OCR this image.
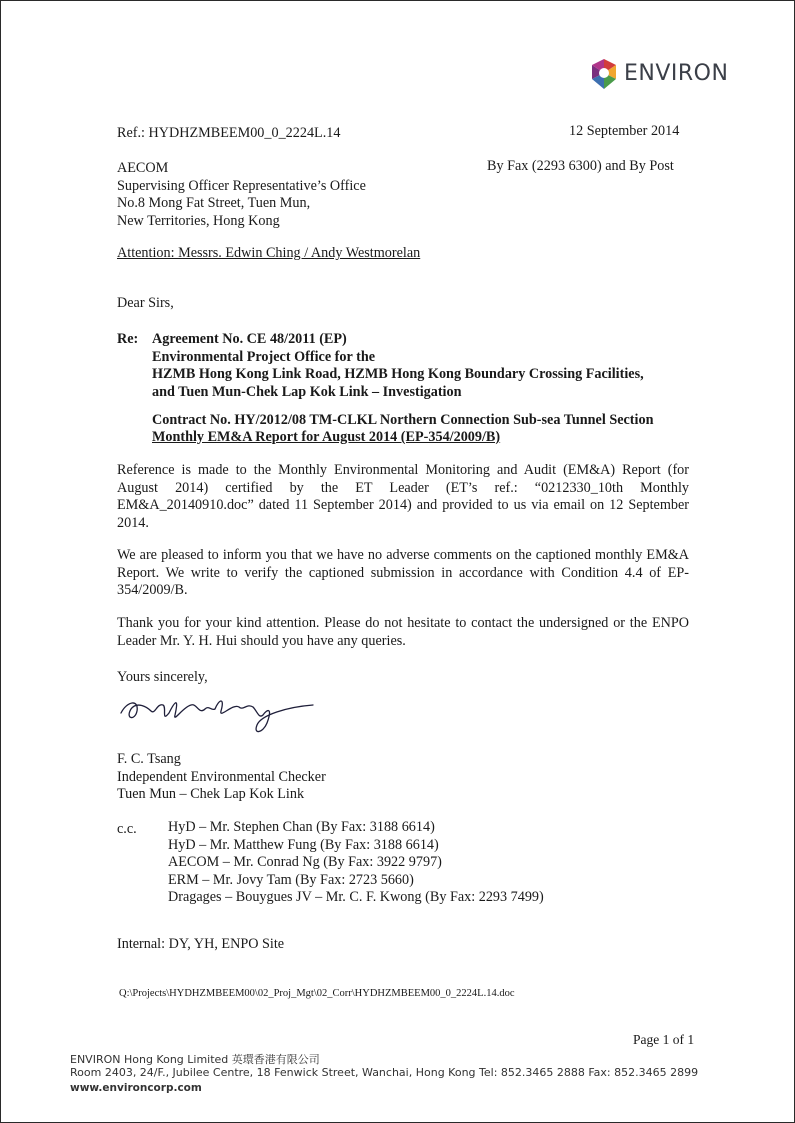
ENVIRON
Ref.: HYDHZMBEEM00_0_2224L.14	12 September 2014
By Fax (2293 6300) and By Post
AECOM
Supervising Officer Representative’s Office
No.8 Mong Fat Street, Tuen Mun,
New Territories, Hong Kong
Attention: Messrs. Edwin Ching / Andy Westmorelan
Dear Sirs,
Re: Agreement No. CE 48/2011 (EP)
Environmental Project Office for the
HZMB Hong Kong Link Road, HZMB Hong Kong Boundary Crossing Facilities,
and Tuen Mun-Chek Lap Kok Link – Investigation
Contract No. HY/2012/08 TM-CLKL Northern Connection Sub-sea Tunnel Section
Monthly EM&A Report for August 2014 (EP-354/2009/B)
Reference is made to the Monthly Environmental Monitoring and Audit (EM&A) Report (for August 2014) certified by the ET Leader (ET’s ref.: “0212330_10th Monthly EM&A_20140910.doc” dated 11 September 2014) and provided to us via email on 12 September 2014.
We are pleased to inform you that we have no adverse comments on the captioned monthly EM&A Report. We write to verify the captioned submission in accordance with Condition 4.4 of EP-354/2009/B.
Thank you for your kind attention. Please do not hesitate to contact the undersigned or the ENPO Leader Mr. Y. H. Hui should you have any queries.
Yours sincerely,
F. C. Tsang
Independent Environmental Checker
Tuen Mun – Chek Lap Kok Link
c.c. HyD – Mr. Stephen Chan (By Fax: 3188 6614)
HyD – Mr. Matthew Fung (By Fax: 3188 6614)
AECOM – Mr. Conrad Ng (By Fax: 3922 9797)
ERM – Mr. Jovy Tam (By Fax: 2723 5660)
Dragages – Bouygues JV – Mr. C. F. Kwong (By Fax: 2293 7499)
Internal: DY, YH, ENPO Site
Q:\Projects\HYDHZMBEEM00\02_Proj_Mgt\02_Corr\HYDHZMBEEM00_0_2224L.14.doc
Page 1 of 1
ENVIRON Hong Kong Limited 英環香港有限公司
Room 2403, 24/F., Jubilee Centre, 18 Fenwick Street, Wanchai, Hong Kong Tel: 852.3465 2888 Fax: 852.3465 2899
www.environcorp.com
